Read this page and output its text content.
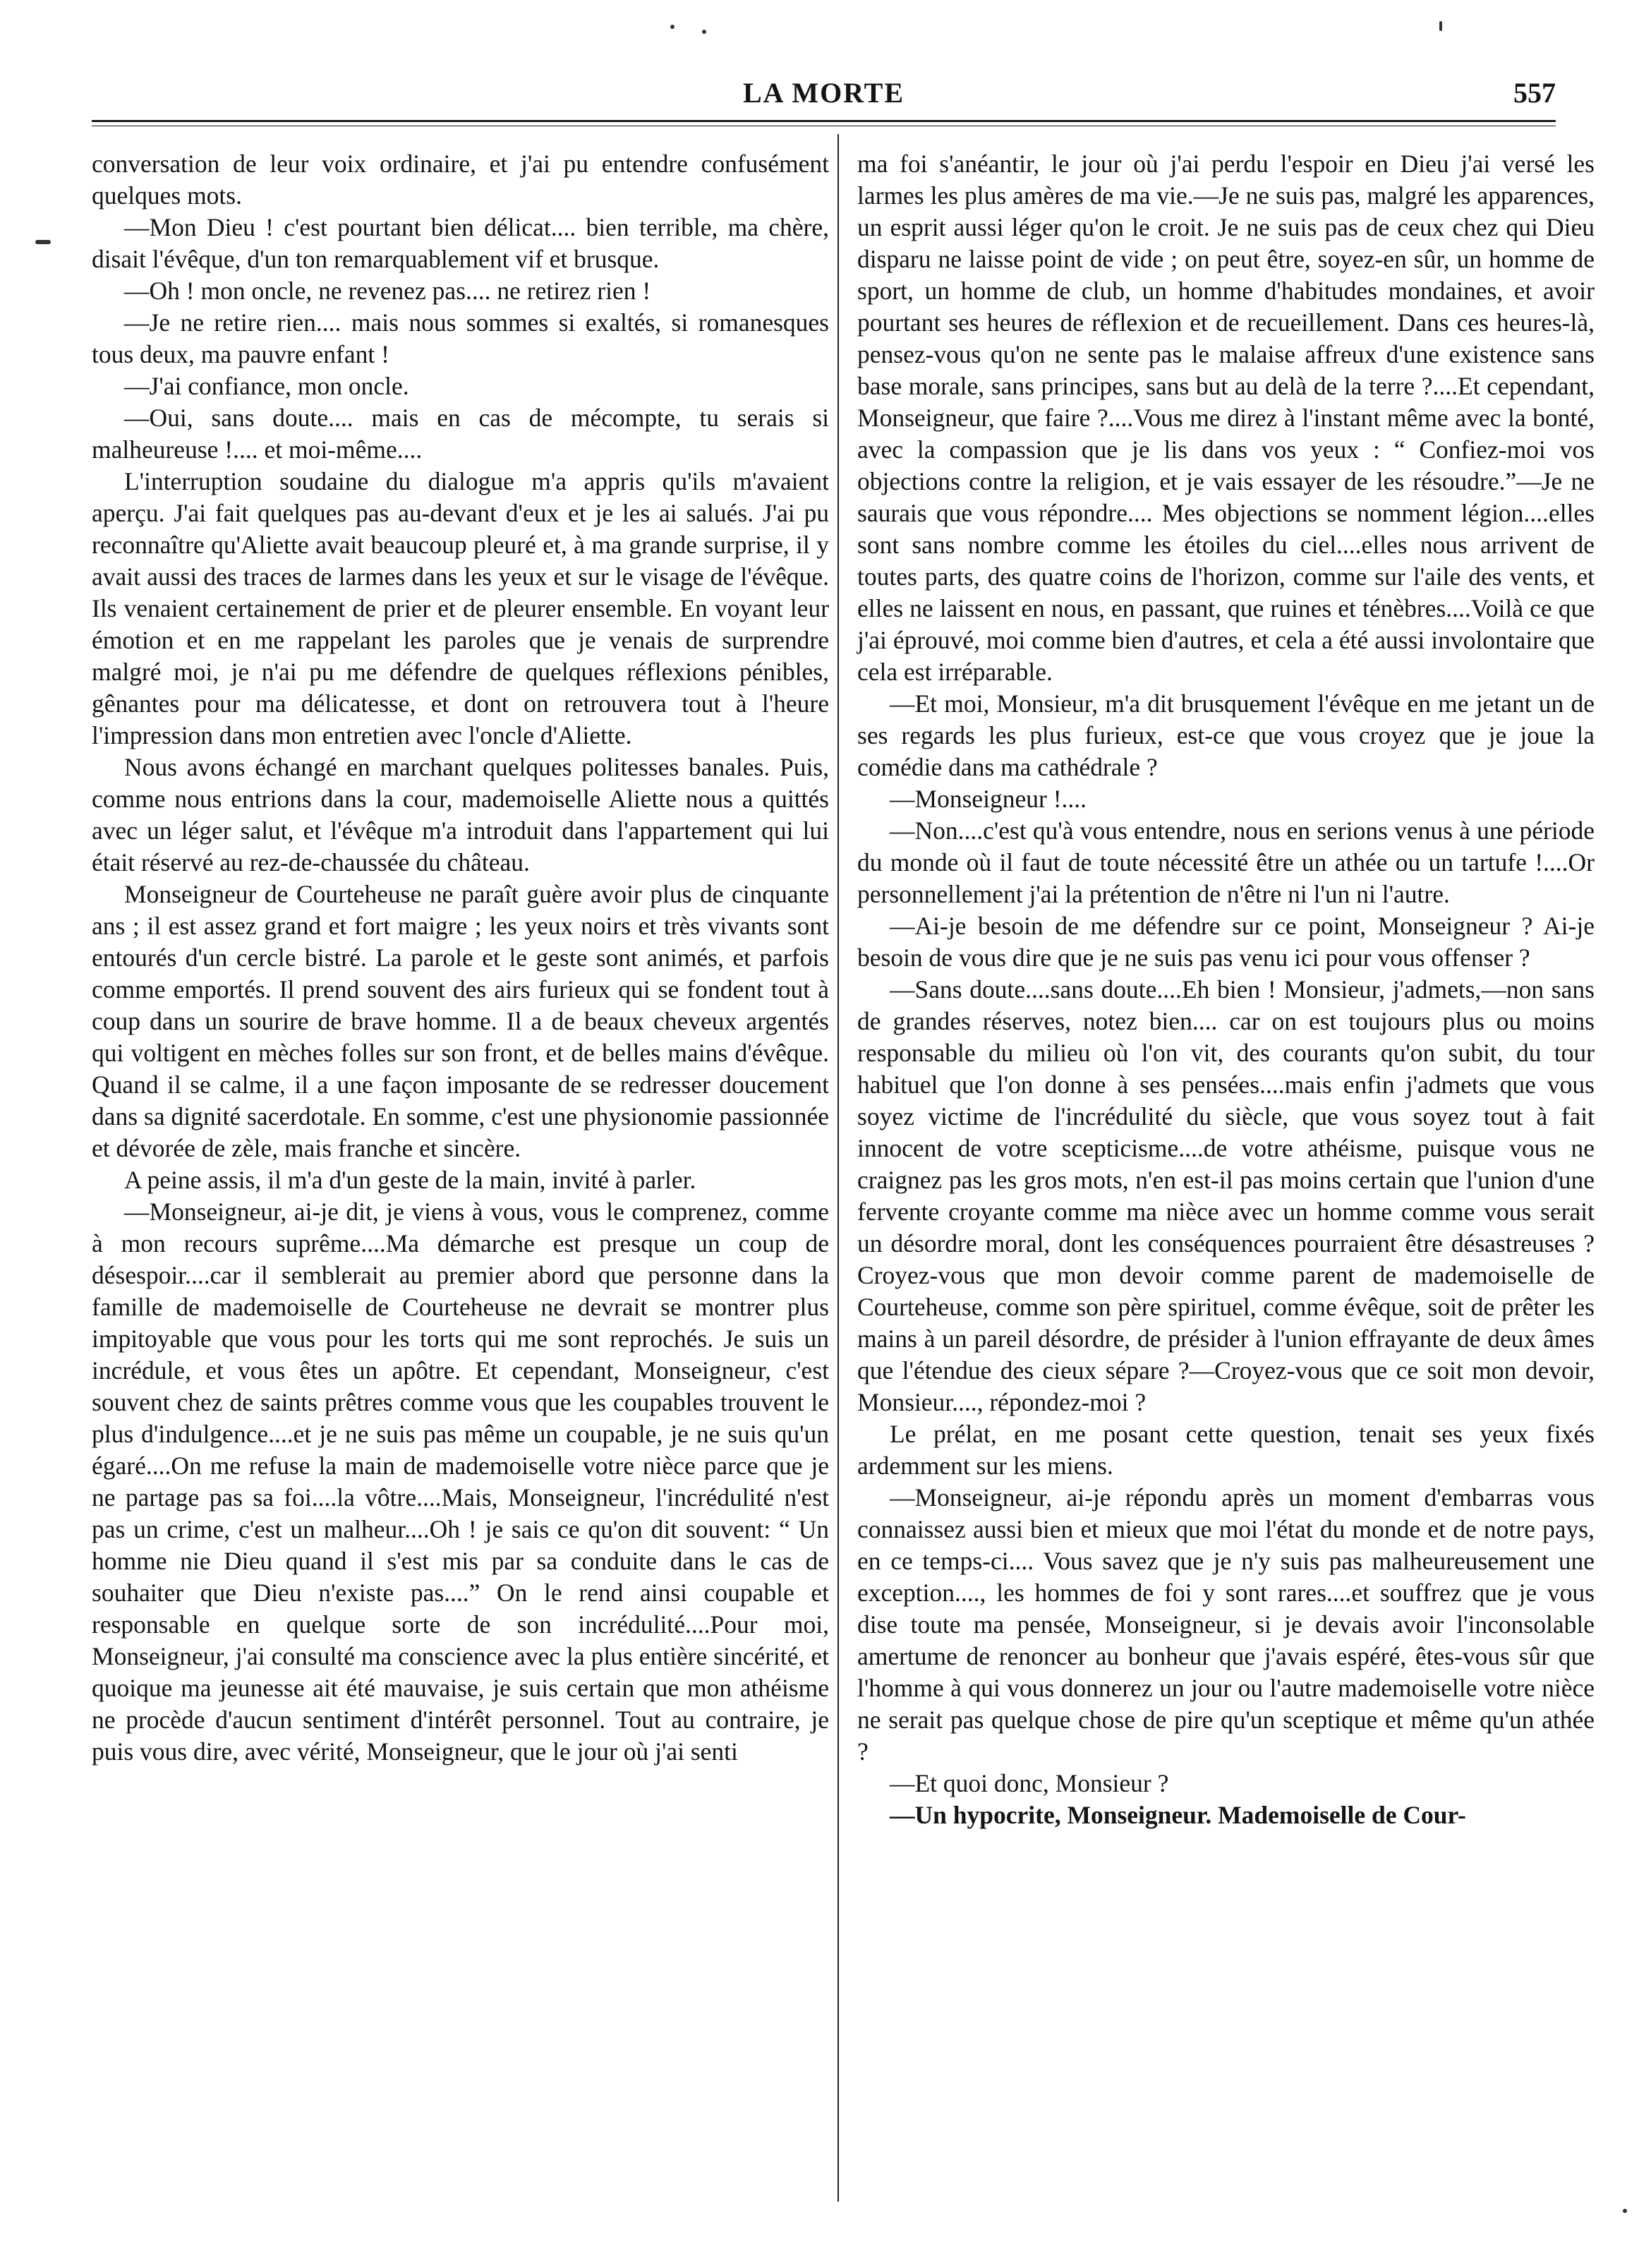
LA MORTE	557

conversation de leur voix ordinaire, et j'ai pu entendre confusément quelques mots.

—Mon Dieu ! c'est pourtant bien délicat.... bien terrible, ma chère, disait l'évêque, d'un ton remarquablement vif et brusque.

—Oh ! mon oncle, ne revenez pas.... ne retirez rien !

—Je ne retire rien.... mais nous sommes si exaltés, si romanesques tous deux, ma pauvre enfant !

—J'ai confiance, mon oncle.

—Oui, sans doute.... mais en cas de mécompte, tu serais si malheureuse !.... et moi-même....

L'interruption soudaine du dialogue m'a appris qu'ils m'avaient aperçu. J'ai fait quelques pas au-devant d'eux et je les ai salués. J'ai pu reconnaître qu'Aliette avait beaucoup pleuré et, à ma grande surprise, il y avait aussi des traces de larmes dans les yeux et sur le visage de l'évêque. Ils venaient certainement de prier et de pleurer ensemble. En voyant leur émotion et en me rappelant les paroles que je venais de surprendre malgré moi, je n'ai pu me défendre de quelques réflexions pénibles, gênantes pour ma délicatesse, et dont on retrouvera tout à l'heure l'impression dans mon entretien avec l'oncle d'Aliette.

Nous avons échangé en marchant quelques politesses banales. Puis, comme nous entrions dans la cour, mademoiselle Aliette nous a quittés avec un léger salut, et l'évêque m'a introduit dans l'appartement qui lui était réservé au rez-de-chaussée du château.

Monseigneur de Courteheuse ne paraît guère avoir plus de cinquante ans ; il est assez grand et fort maigre ; les yeux noirs et très vivants sont entourés d'un cercle bistré. La parole et le geste sont animés, et parfois comme emportés. Il prend souvent des airs furieux qui se fondent tout à coup dans un sourire de brave homme. Il a de beaux cheveux argentés qui voltigent en mèches folles sur son front, et de belles mains d'évêque. Quand il se calme, il a une façon imposante de se redresser doucement dans sa dignité sacerdotale. En somme, c'est une physionomie passionnée et dévorée de zèle, mais franche et sincère.

A peine assis, il m'a d'un geste de la main, invité à parler.

—Monseigneur, ai-je dit, je viens à vous, vous le comprenez, comme à mon recours suprême....Ma démarche est presque un coup de désespoir....car il semblerait au premier abord que personne dans la famille de mademoiselle de Courteheuse ne devrait se montrer plus impitoyable que vous pour les torts qui me sont reprochés. Je suis un incrédule, et vous êtes un apôtre. Et cependant, Monseigneur, c'est souvent chez de saints prêtres comme vous que les coupables trouvent le plus d'indulgence....et je ne suis pas même un coupable, je ne suis qu'un égaré....On me refuse la main de mademoiselle votre nièce parce que je ne partage pas sa foi....la vôtre....Mais, Monseigneur, l'incrédulité n'est pas un crime, c'est un malheur....Oh ! je sais ce qu'on dit souvent: “ Un homme nie Dieu quand il s'est mis par sa conduite dans le cas de souhaiter que Dieu n'existe pas....” On le rend ainsi coupable et responsable en quelque sorte de son incrédulité....Pour moi, Monseigneur, j'ai consulté ma conscience avec la plus entière sincérité, et quoique ma jeunesse ait été mauvaise, je suis certain que mon athéisme ne procède d'aucun sentiment d'intérêt personnel. Tout au contraire, je puis vous dire, avec vérité, Monseigneur, que le jour où j'ai senti

ma foi s'anéantir, le jour où j'ai perdu l'espoir en Dieu j'ai versé les larmes les plus amères de ma vie.—Je ne suis pas, malgré les apparences, un esprit aussi léger qu'on le croit. Je ne suis pas de ceux chez qui Dieu disparu ne laisse point de vide ; on peut être, soyez-en sûr, un homme de sport, un homme de club, un homme d'habitudes mondaines, et avoir pourtant ses heures de réflexion et de recueillement. Dans ces heures-là, pensez-vous qu'on ne sente pas le malaise affreux d'une existence sans base morale, sans principes, sans but au delà de la terre ?....Et cependant, Monseigneur, que faire ?....Vous me direz à l'instant même avec la bonté, avec la compassion que je lis dans vos yeux : “ Confiez-moi vos objections contre la religion, et je vais essayer de les résoudre.”—Je ne saurais que vous répondre.... Mes objections se nomment légion....elles sont sans nombre comme les étoiles du ciel....elles nous arrivent de toutes parts, des quatre coins de l'horizon, comme sur l'aile des vents, et elles ne laissent en nous, en passant, que ruines et ténèbres....Voilà ce que j'ai éprouvé, moi comme bien d'autres, et cela a été aussi involontaire que cela est irréparable.

—Et moi, Monsieur, m'a dit brusquement l'évêque en me jetant un de ses regards les plus furieux, est-ce que vous croyez que je joue la comédie dans ma cathédrale ?

—Monseigneur !....

—Non....c'est qu'à vous entendre, nous en serions venus à une période du monde où il faut de toute nécessité être un athée ou un tartufe !....Or personnellement j'ai la prétention de n'être ni l'un ni l'autre.

—Ai-je besoin de me défendre sur ce point, Monseigneur ? Ai-je besoin de vous dire que je ne suis pas venu ici pour vous offenser ?

—Sans doute....sans doute....Eh bien ! Monsieur, j'admets,—non sans de grandes réserves, notez bien.... car on est toujours plus ou moins responsable du milieu où l'on vit, des courants qu'on subit, du tour habituel que l'on donne à ses pensées....mais enfin j'admets que vous soyez victime de l'incrédulité du siècle, que vous soyez tout à fait innocent de votre scepticisme....de votre athéisme, puisque vous ne craignez pas les gros mots, n'en est-il pas moins certain que l'union d'une fervente croyante comme ma nièce avec un homme comme vous serait un désordre moral, dont les conséquences pourraient être désastreuses ? Croyez-vous que mon devoir comme parent de mademoiselle de Courteheuse, comme son père spirituel, comme évêque, soit de prêter les mains à un pareil désordre, de présider à l'union effrayante de deux âmes que l'étendue des cieux sépare ?—Croyez-vous que ce soit mon devoir, Monsieur...., répondez-moi ?

Le prélat, en me posant cette question, tenait ses yeux fixés ardemment sur les miens.

—Monseigneur, ai-je répondu après un moment d'embarras vous connaissez aussi bien et mieux que moi l'état du monde et de notre pays, en ce temps-ci.... Vous savez que je n'y suis pas malheureusement une exception...., les hommes de foi y sont rares....et souffrez que je vous dise toute ma pensée, Monseigneur, si je devais avoir l'inconsolable amertume de renoncer au bonheur que j'avais espéré, êtes-vous sûr que l'homme à qui vous donnerez un jour ou l'autre mademoiselle votre nièce ne serait pas quelque chose de pire qu'un sceptique et même qu'un athée ?

—Et quoi donc, Monsieur ?

—Un hypocrite, Monseigneur. Mademoiselle de Cour-
